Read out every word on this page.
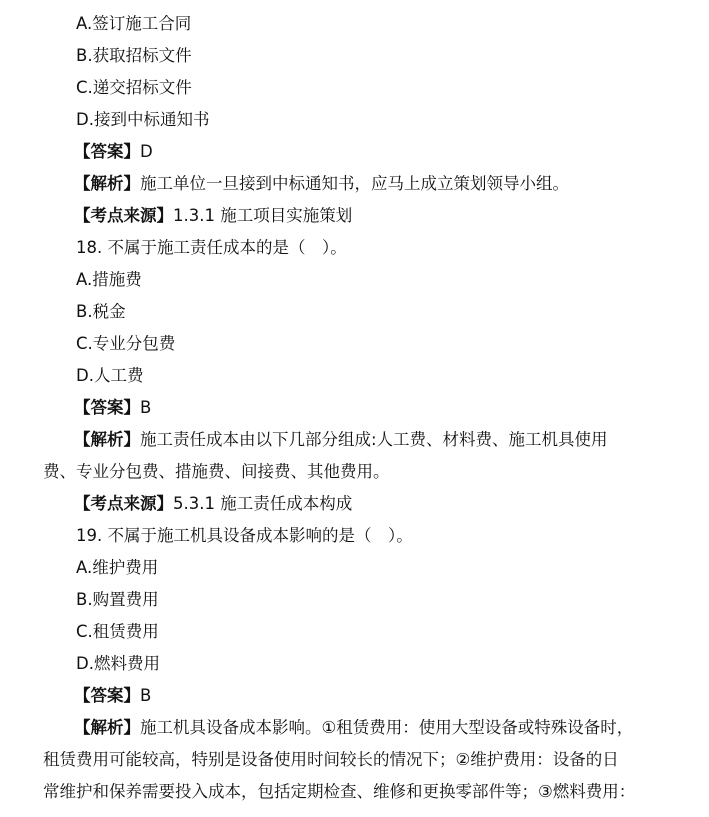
A.签订施工合同
B.获取招标文件
C.递交招标文件
D.接到中标通知书
【答案】D
【解析】施工单位一旦接到中标通知书，应马上成立策划领导小组。
【考点来源】1.3.1 施工项目实施策划
18. 不属于施工责任成本的是（　）。
A.措施费
B.税金
C.专业分包费
D.人工费
【答案】B
【解析】施工责任成本由以下几部分组成:人工费、材料费、施工机具使用
费、专业分包费、措施费、间接费、其他费用。
【考点来源】5.3.1 施工责任成本构成
19. 不属于施工机具设备成本影响的是（　）。
A.维护费用
B.购置费用
C.租赁费用
D.燃料费用
【答案】B
【解析】施工机具设备成本影响。①租赁费用：使用大型设备或特殊设备时，
租赁费用可能较高，特别是设备使用时间较长的情况下；②维护费用：设备的日
常维护和保养需要投入成本，包括定期检查、维修和更换零部件等；③燃料费用：
